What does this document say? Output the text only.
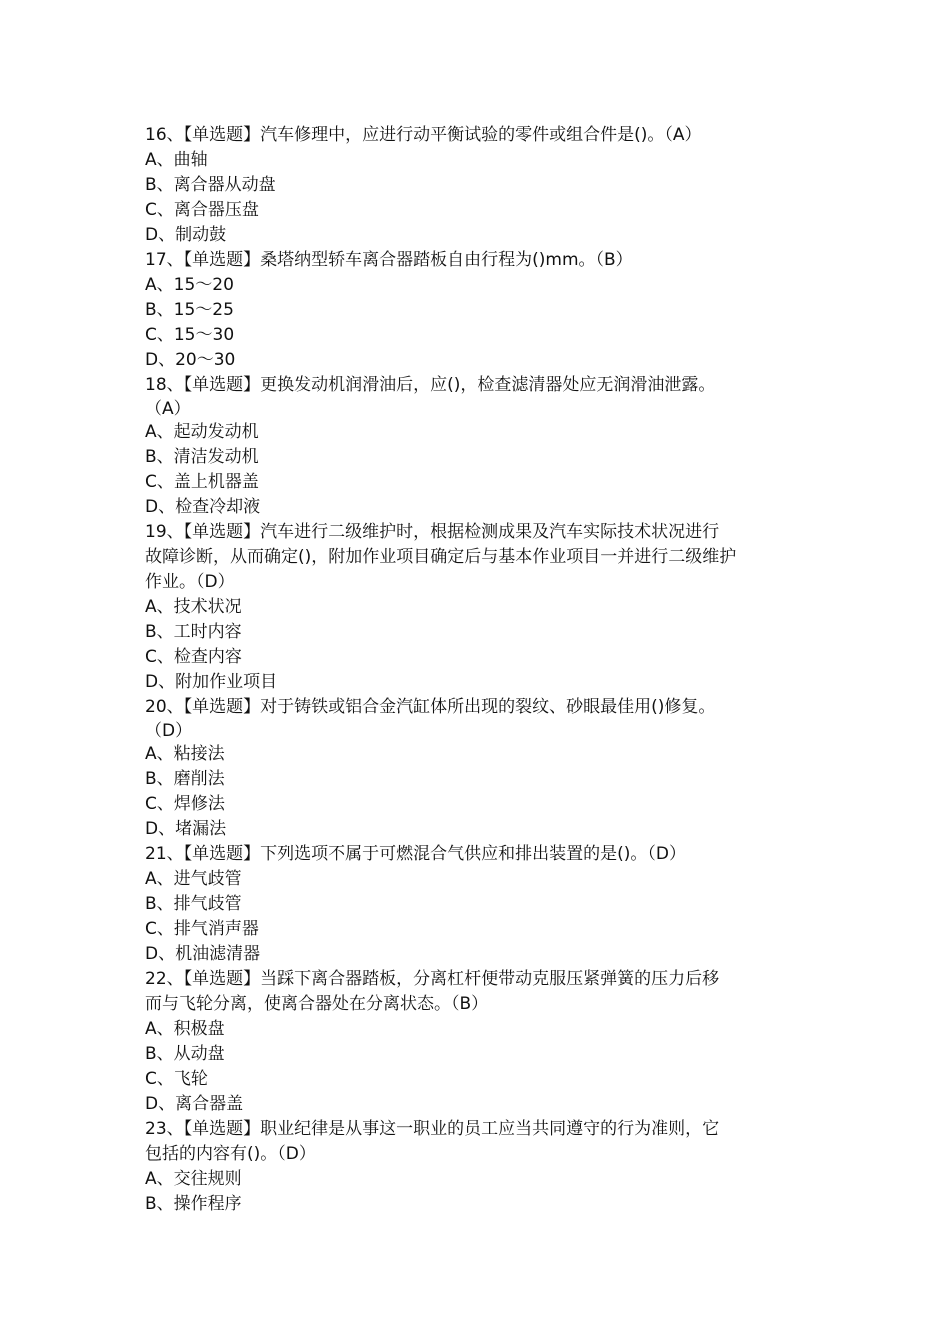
16、【单选题】汽车修理中，应进行动平衡试验的零件或组合件是()。（A）
A、曲轴
B、离合器从动盘
C、离合器压盘
D、制动鼓
17、【单选题】桑塔纳型轿车离合器踏板自由行程为()mm。（B）
A、15～20
B、15～25
C、15～30
D、20～30
18、【单选题】更换发动机润滑油后，应()，检查滤清器处应无润滑油泄露。
（A）
A、起动发动机
B、清洁发动机
C、盖上机器盖
D、检查冷却液
19、【单选题】汽车进行二级维护时，根据检测成果及汽车实际技术状况进行
故障诊断，从而确定()，附加作业项目确定后与基本作业项目一并进行二级维护
作业。（D）
A、技术状况
B、工时内容
C、检查内容
D、附加作业项目
20、【单选题】对于铸铁或铝合金汽缸体所出现的裂纹、砂眼最佳用()修复。
（D）
A、粘接法
B、磨削法
C、焊修法
D、堵漏法
21、【单选题】下列选项不属于可燃混合气供应和排出装置的是()。（D）
A、进气歧管
B、排气歧管
C、排气消声器
D、机油滤清器
22、【单选题】当踩下离合器踏板，分离杠杆便带动克服压紧弹簧的压力后移
而与飞轮分离，使离合器处在分离状态。（B）
A、积极盘
B、从动盘
C、飞轮
D、离合器盖
23、【单选题】职业纪律是从事这一职业的员工应当共同遵守的行为准则，它
包括的内容有()。（D）
A、交往规则
B、操作程序
